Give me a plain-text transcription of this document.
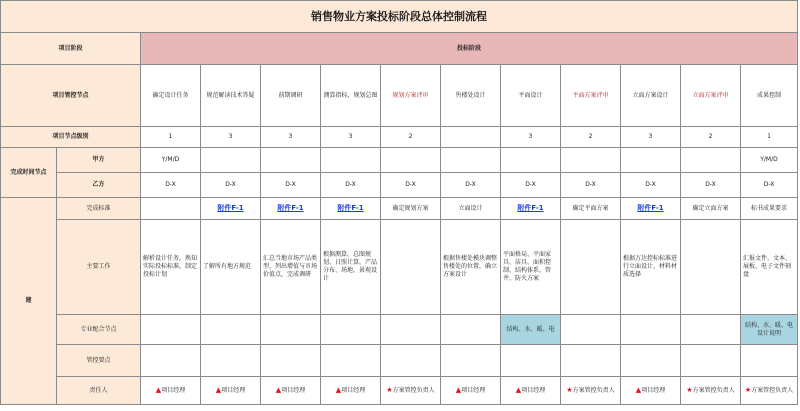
销售物业方案投标阶段总体控制流程												
项目阶段		投标阶段										
项目管控节点		确定设计任务	规范解读技术答疑	前期调研	测算指标，规划总图	规划方案评审	售楼处设计	平面设计	平面方案评审	立面方案设计	立面方案评审	成果控制
项目节点级别		1	3	3	3	2		3	2	3	2	1
完成时间节点	甲方	Y/M/D										Y/M/D
	乙方	D-X	D-X	D-X	D-X	D-X	D-X	D-X	D-X	D-X	D-X	D-X
建	完成标准		附件F-1	附件F-1	附件F-1	确定规划方案	立面设计	附件F-1	确定平面方案	附件F-1	确定立面方案	标书成果要求
	主要工作	解析设计任务，熟知实际投标标准，制定投标计划	了解所有地方规范	汇总当地市场产品类型，列出增值与市场价值点，完成调研	根据测算，总图规划、日照计算，产品分布、场地、景观设计		根据售楼处模块调整售楼处的位置，确立方案设计	平面格局、平面家具、洁具、面积控制、结构体系，管井、防火方案		根据万达控标标准进行立面设计，材料材质选择		汇报文件、文本、展板、电子文件刻盘
	专业配合节点							结构、水、暖、电				结构、水、暖、电设计说明
	管控要点											
	责任人	▲项目经理	▲项目经理	▲项目经理	▲项目经理	★方案管控负责人	▲项目经理	▲项目经理	★方案管控负责人	▲项目经理	★方案管控负责人	★方案管控负责人
